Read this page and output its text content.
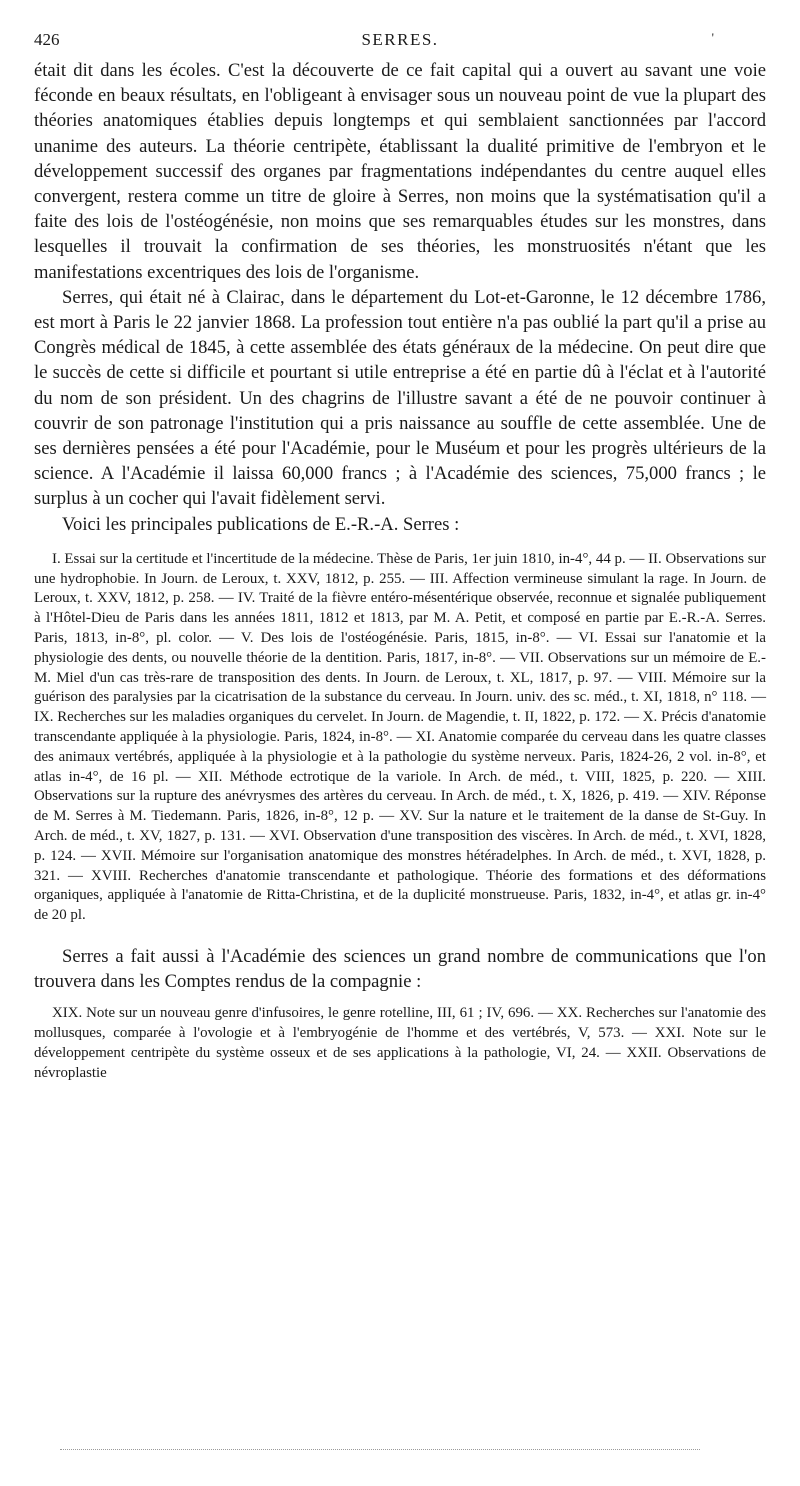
426	SERRES.	'

était dit dans les écoles. C'est la découverte de ce fait capital qui a ouvert au savant une voie féconde en beaux résultats, en l'obligeant à envisager sous un nouveau point de vue la plupart des théories anatomiques établies depuis longtemps et qui semblaient sanctionnées par l'accord unanime des auteurs. La théorie centripète, établissant la dualité primitive de l'embryon et le développement successif des organes par fragmentations indépendantes du centre auquel elles convergent, restera comme un titre de gloire à Serres, non moins que la systématisation qu'il a faite des lois de l'ostéogénésie, non moins que ses remarquables études sur les monstres, dans lesquelles il trouvait la confirmation de ses théories, les monstruosités n'étant que les manifestations excentriques des lois de l'organisme.

Serres, qui était né à Clairac, dans le département du Lot-et-Garonne, le 12 décembre 1786, est mort à Paris le 22 janvier 1868. La profession tout entière n'a pas oublié la part qu'il a prise au Congrès médical de 1845, à cette assemblée des états généraux de la médecine. On peut dire que le succès de cette si difficile et pourtant si utile entreprise a été en partie dû à l'éclat et à l'autorité du nom de son président. Un des chagrins de l'illustre savant a été de ne pouvoir continuer à couvrir de son patronage l'institution qui a pris naissance au souffle de cette assemblée. Une de ses dernières pensées a été pour l'Académie, pour le Muséum et pour les progrès ultérieurs de la science. A l'Académie il laissa 60,000 francs ; à l'Académie des sciences, 75,000 francs ; le surplus à un cocher qui l'avait fidèlement servi.

Voici les principales publications de E.-R.-A. Serres :

I. Essai sur la certitude et l'incertitude de la médecine. Thèse de Paris, 1er juin 1810, in-4°, 44 p. — II. Observations sur une hydrophobie. In Journ. de Leroux, t. XXV, 1812, p. 255. — III. Affection vermineuse simulant la rage. In Journ. de Leroux, t. XXV, 1812, p. 258. — IV. Traité de la fièvre entéro-mésentérique observée, reconnue et signalée publiquement à l'Hôtel-Dieu de Paris dans les années 1811, 1812 et 1813, par M. A. Petit, et composé en partie par E.-R.-A. Serres. Paris, 1813, in-8°, pl. color. — V. Des lois de l'ostéogénésie. Paris, 1815, in-8°. — VI. Essai sur l'anatomie et la physiologie des dents, ou nouvelle théorie de la dentition. Paris, 1817, in-8°. — VII. Observations sur un mémoire de E.-M. Miel d'un cas très-rare de transposition des dents. In Journ. de Leroux, t. XL, 1817, p. 97. — VIII. Mémoire sur la guérison des paralysies par la cicatrisation de la substance du cerveau. In Journ. univ. des sc. méd., t. XI, 1818, n° 118. — IX. Recherches sur les maladies organiques du cervelet. In Journ. de Magendie, t. II, 1822, p. 172. — X. Précis d'anatomie transcendante appliquée à la physiologie. Paris, 1824, in-8°. — XI. Anatomie comparée du cerveau dans les quatre classes des animaux vertébrés, appliquée à la physiologie et à la pathologie du système nerveux. Paris, 1824-26, 2 vol. in-8°, et atlas in-4°, de 16 pl. — XII. Méthode ectrotique de la variole. In Arch. de méd., t. VIII, 1825, p. 220. — XIII. Observations sur la rupture des anévrysmes des artères du cerveau. In Arch. de méd., t. X, 1826, p. 419. — XIV. Réponse de M. Serres à M. Tiedemann. Paris, 1826, in-8°, 12 p. — XV. Sur la nature et le traitement de la danse de St-Guy. In Arch. de méd., t. XV, 1827, p. 131. — XVI. Observation d'une transposition des viscères. In Arch. de méd., t. XVI, 1828, p. 124. — XVII. Mémoire sur l'organisation anatomique des monstres hétéradelphes. In Arch. de méd., t. XVI, 1828, p. 321. — XVIII. Recherches d'anatomie transcendante et pathologique. Théorie des formations et des déformations organiques, appliquée à l'anatomie de Ritta-Christina, et de la duplicité monstrueuse. Paris, 1832, in-4°, et atlas gr. in-4° de 20 pl.

Serres a fait aussi à l'Académie des sciences un grand nombre de communications que l'on trouvera dans les Comptes rendus de la compagnie :

XIX. Note sur un nouveau genre d'infusoires, le genre rotelline, III, 61 ; IV, 696. — XX. Recherches sur l'anatomie des mollusques, comparée à l'ovologie et à l'embryogénie de l'homme et des vertébrés, V, 573. — XXI. Note sur le développement centripète du système osseux et de ses applications à la pathologie, VI, 24. — XXII. Observations de névroplastie
